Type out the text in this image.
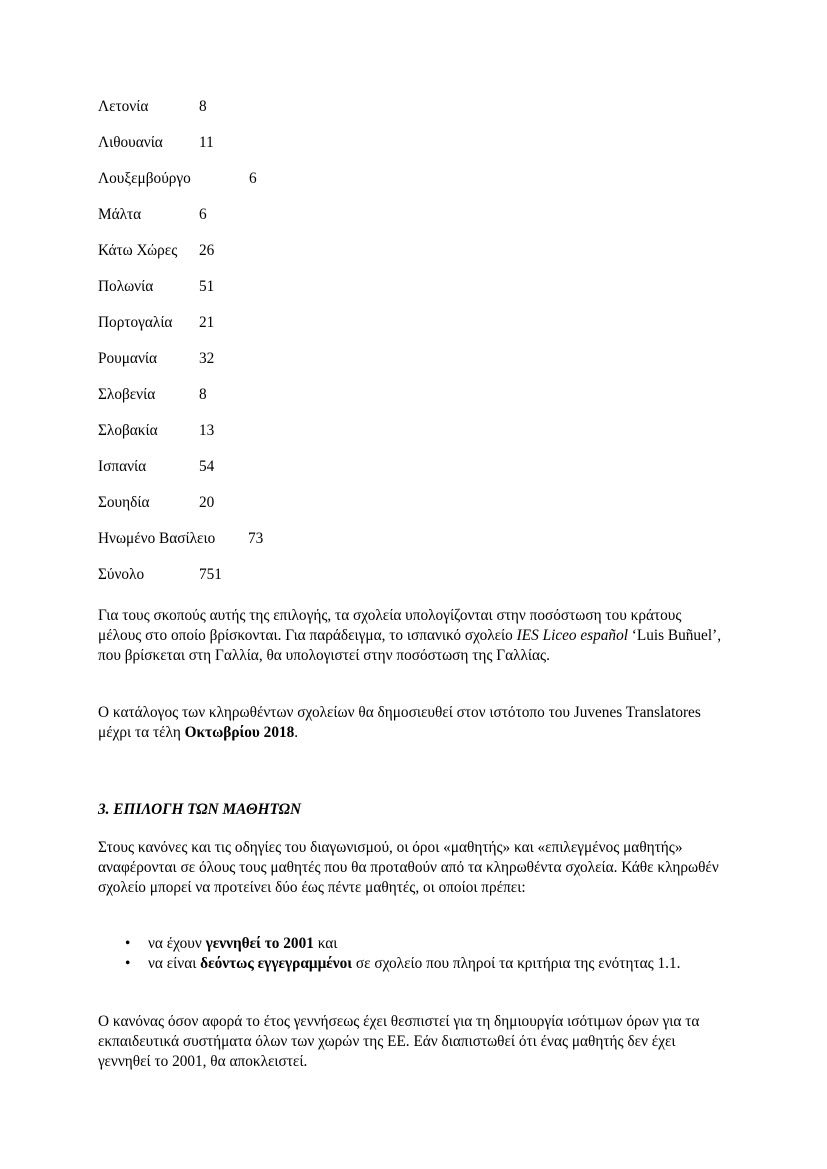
Λετονία	8
Λιθουανία 11
Λουξεμβούργο	6
Μάλτα	6
Κάτω Χώρες 26
Πολωνία	51
Πορτογαλία 21
Ρουμανία	32
Σλοβενία	8
Σλοβακία	13
Ισπανία	54
Σουηδία	20
Ηνωμένο Βασίλειο 73
Σύνολο	751

Για τους σκοπούς αυτής της επιλογής, τα σχολεία υπολογίζονται στην ποσόστωση του κράτους μέλους στο οποίο βρίσκονται. Για παράδειγμα, το ισπανικό σχολείο IES Liceo español ‘Luis Buñuel’, που βρίσκεται στη Γαλλία, θα υπολογιστεί στην ποσόστωση της Γαλλίας.

Ο κατάλογος των κληρωθέντων σχολείων θα δημοσιευθεί στον ιστότοπο του Juvenes Translatores μέχρι τα τέλη Οκτωβρίου 2018.

3. ΕΠΙΛΟΓΗ ΤΩΝ ΜΑΘΗΤΩΝ

Στους κανόνες και τις οδηγίες του διαγωνισμού, οι όροι «μαθητής» και «επιλεγμένος μαθητής» αναφέρονται σε όλους τους μαθητές που θα προταθούν από τα κληρωθέντα σχολεία. Κάθε κληρωθέν σχολείο μπορεί να προτείνει δύο έως πέντε μαθητές, οι οποίοι πρέπει:

• να έχουν γεννηθεί το 2001 και
• να είναι δεόντως εγγεγραμμένοι σε σχολείο που πληροί τα κριτήρια της ενότητας 1.1.

Ο κανόνας όσον αφορά το έτος γεννήσεως έχει θεσπιστεί για τη δημιουργία ισότιμων όρων για τα εκπαιδευτικά συστήματα όλων των χωρών της ΕΕ. Εάν διαπιστωθεί ότι ένας μαθητής δεν έχει γεννηθεί το 2001, θα αποκλειστεί.
